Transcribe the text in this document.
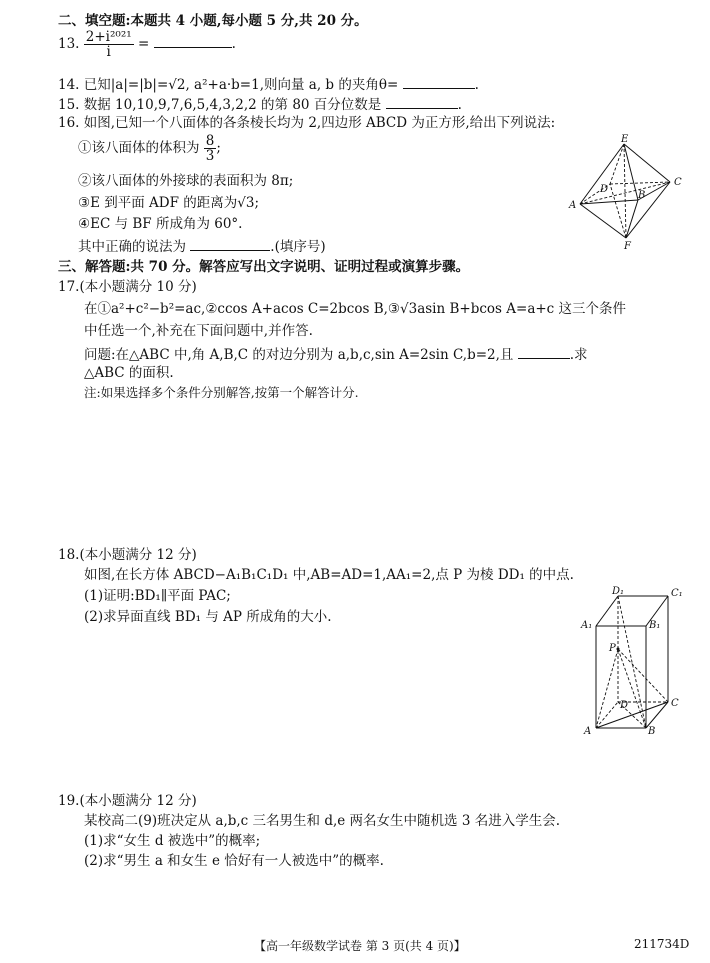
二、填空题:本题共 4 小题,每小题 5 分,共 20 分。
13. $\frac{\text{2+i²⁰²¹}}{i}$ =	.
14. 已知|a|=|b|=√2, a²+a·b=1,则向量 a, b 的夹角θ=	.
15. 数据 10,10,9,7,6,5,4,3,2,2 的第 80 百分位数是	.
16. 如图,已知一个八面体的各条棱长均为 2,四边形 ABCD 为正方形,给出下列说法:
①该八面体的体积为 $\frac{8}{3}$ ;
②该八面体的外接球的表面积为 8π;
③E 到平面 ADF 的距离为√3;
④EC 与 BF 所成角为 60°.
其中正确的说法为	.(填序号)
E
C
D
A
B
F
三、解答题:共 70 分。解答应写出文字说明、证明过程或演算步骤。
17.(本小题满分 10 分)
在①a²+c²−b²=ac,②ccos A+acos C=2bcos B,③√3asin B+bcos A=a+c 这三个条件
中任选一个,补充在下面问题中,并作答.
问题:在△ABC 中,角 A,B,C 的对边分别为 a,b,c,sin A=2sin C,b=2,且	.求
△ABC 的面积.
注:如果选择多个条件分别解答,按第一个解答计分.
18.(本小题满分 12 分)
如图,在长方体 ABCD−A₁B₁C₁D₁ 中,AB=AD=1,AA₁=2,点 P 为棱 DD₁ 的中点.
(1)证明:BD₁∥平面 PAC;
(2)求异面直线 BD₁ 与 AP 所成角的大小.
D₁	C₁
A₁	B₁
P
D	C
A	B
19.(本小题满分 12 分)
某校高二(9)班决定从 a,b,c 三名男生和 d,e 两名女生中随机选 3 名进入学生会.
(1)求“女生 d 被选中”的概率;
(2)求“男生 a 和女生 e 恰好有一人被选中”的概率.
【高一年级数学试卷 第 3 页(共 4 页)】	211734D
